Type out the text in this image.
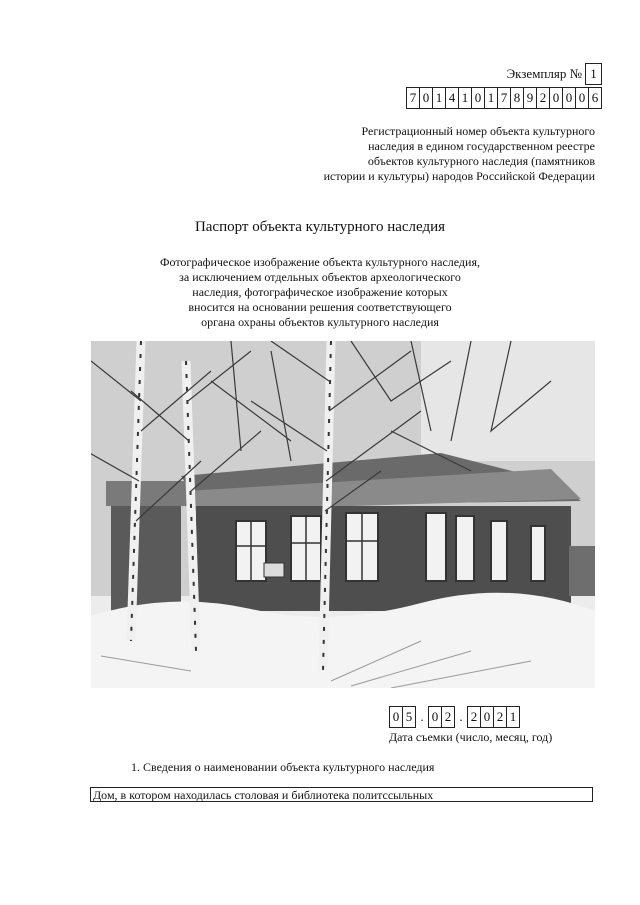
Экземпляр № 1
7 0 1 4 1 0 1 7 8 9 2 0 0 0 6
Регистрационный номер объекта культурного
наследия в едином государственном реестре
объектов культурного наследия (памятников
истории и культуры) народов Российской Федерации
Паспорт объекта культурного наследия
Фотографическое изображение объекта культурного наследия,
за исключением отдельных объектов археологического
наследия, фотографическое изображение которых
вносится на основании решения соответствующего
органа охраны объектов культурного наследия
0 5 . 0 2 . 2 0 2 1
Дата съемки (число, месяц, год)
1. Сведения о наименовании объекта культурного наследия
Дом, в котором находилась столовая и библиотека политссыльных
